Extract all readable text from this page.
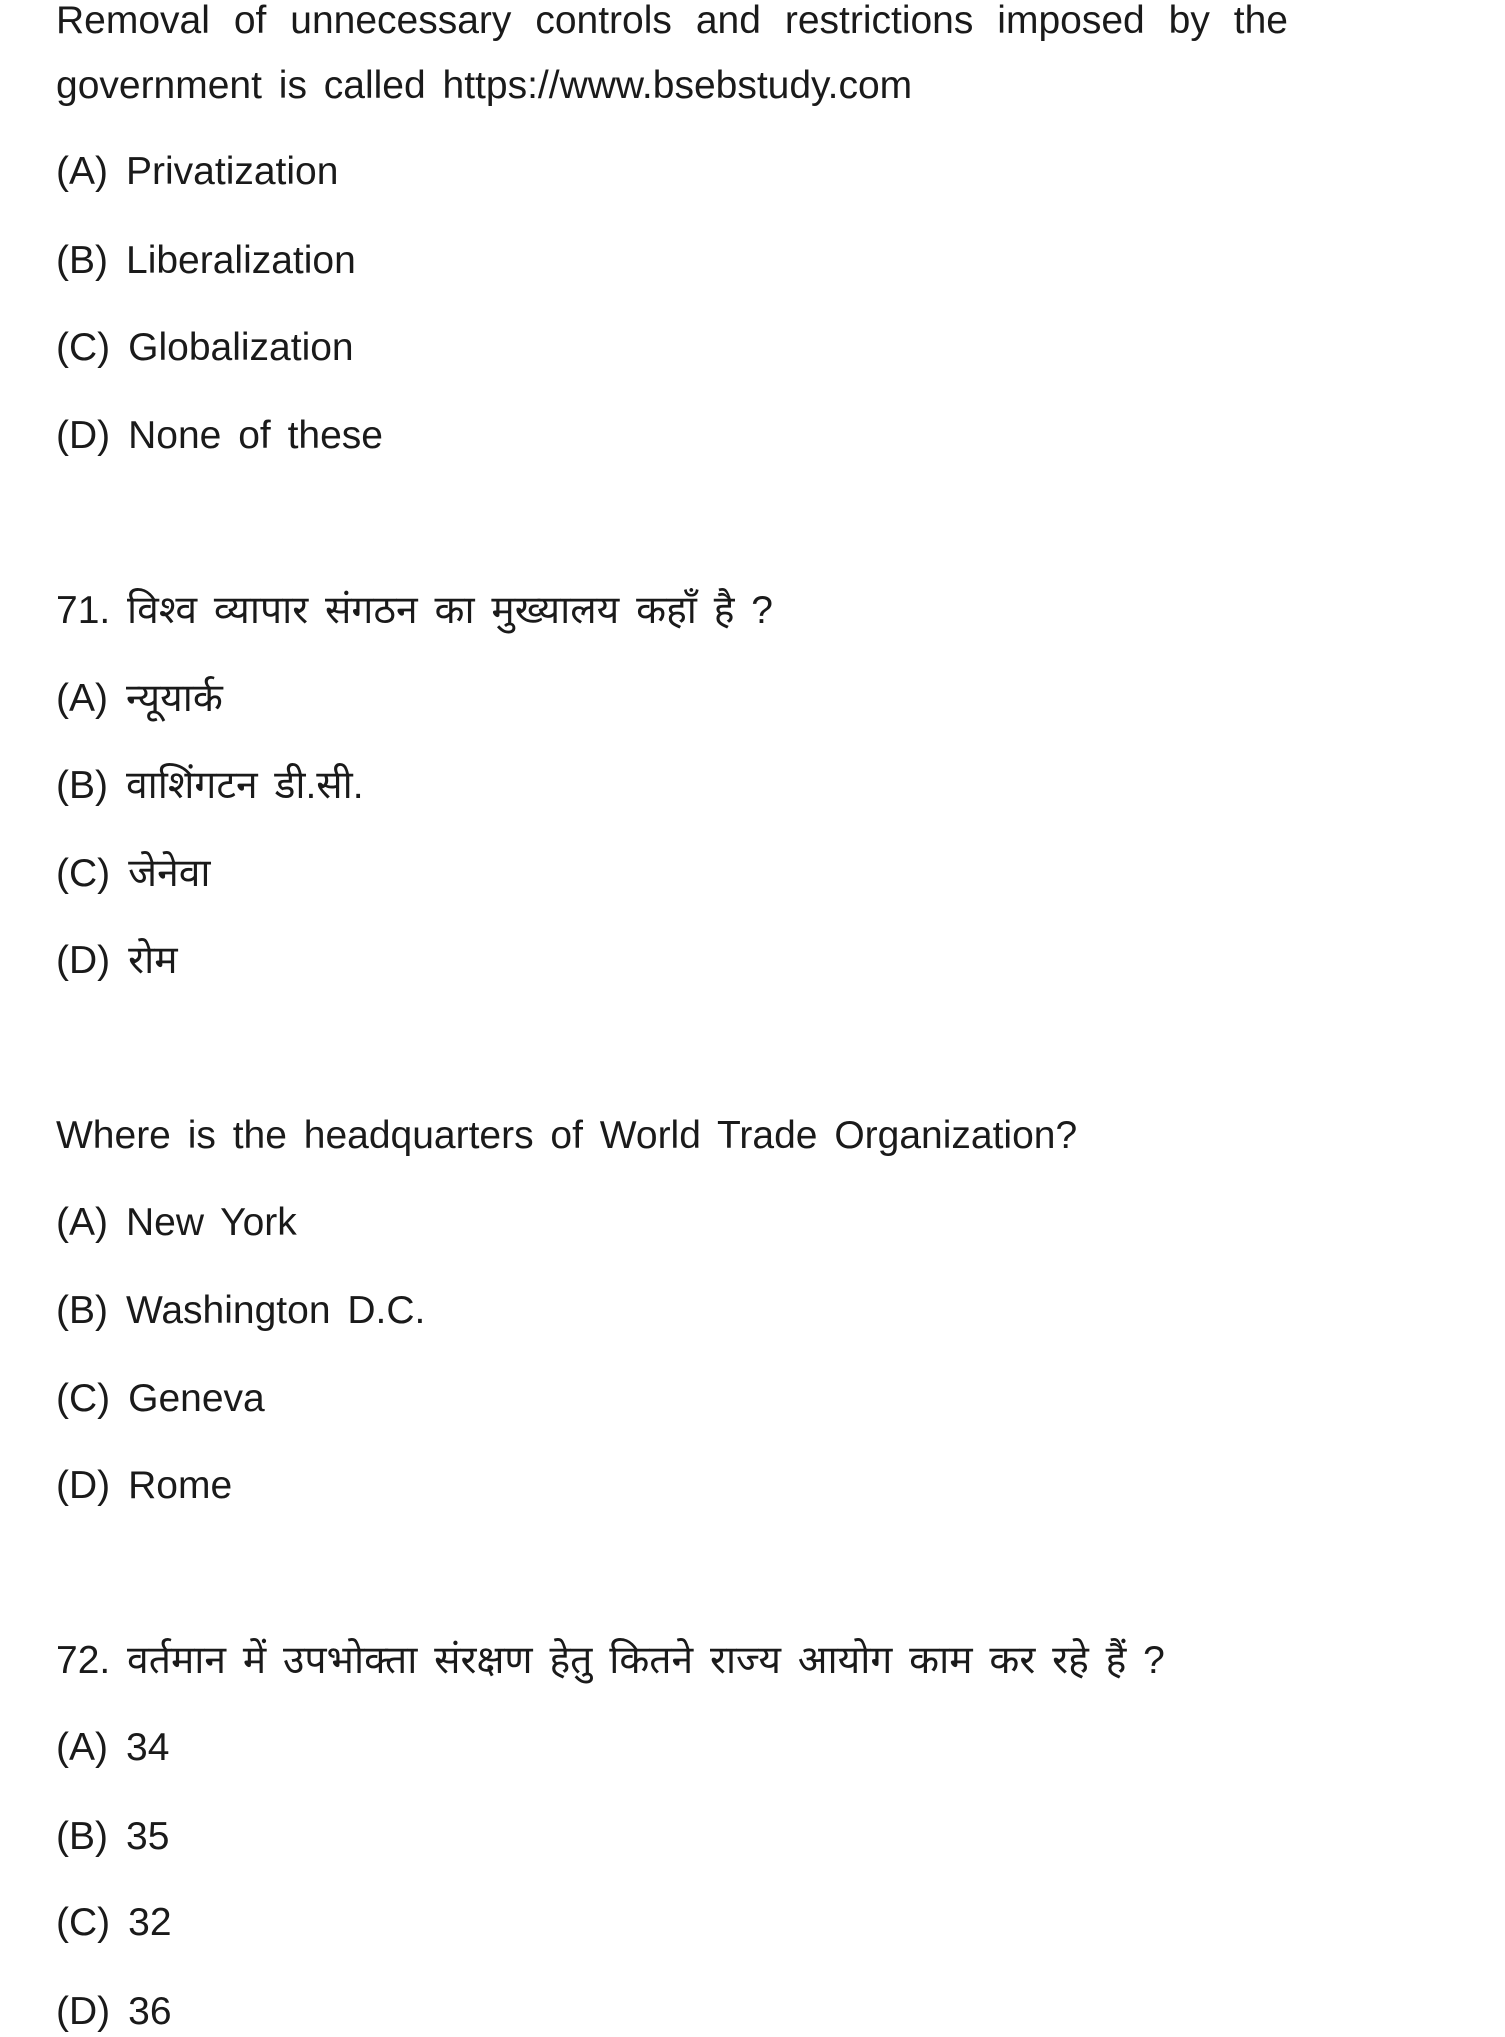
Removal of unnecessary controls and restrictions imposed by the
government is called https://www.bsebstudy.com
(A) Privatization
(B) Liberalization
(C) Globalization
(D) None of these
71. विश्व व्यापार संगठन का मुख्यालय कहाँ है ?
(A) न्यूयार्क
(B) वाशिंगटन डी.सी.
(C) जेनेवा
(D) रोम
Where is the headquarters of World Trade Organization?
(A) New York
(B) Washington D.C.
(C) Geneva
(D) Rome
72. वर्तमान में उपभोक्ता संरक्षण हेतु कितने राज्य आयोग काम कर रहे हैं ?
(A) 34
(B) 35
(C) 32
(D) 36
